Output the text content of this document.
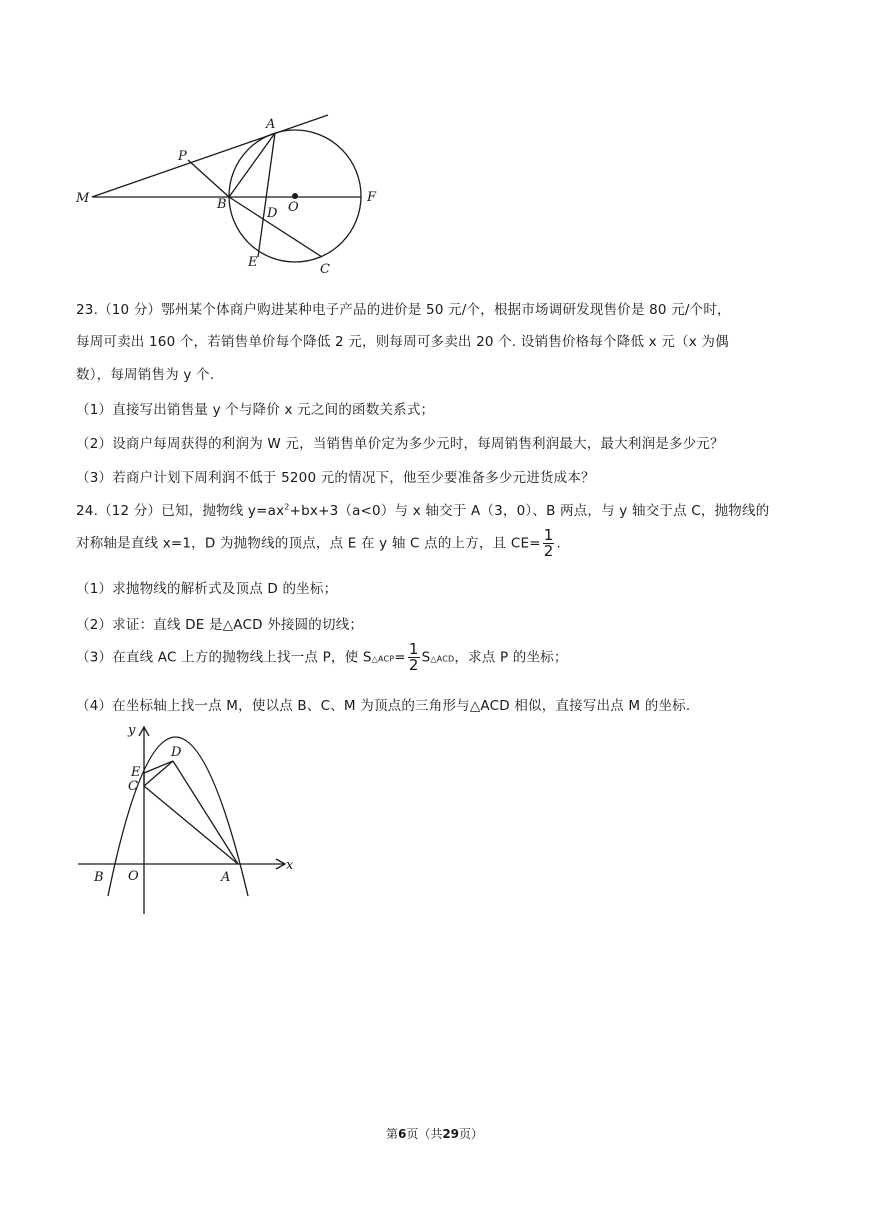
A
P
M	B
D O
F
E	C
23.（10 分）鄂州某个体商户购进某种电子产品的进价是 50 元/个，根据市场调研发现售价是 80 元/个时，
每周可卖出 160 个，若销售单价每个降低 2 元，则每周可多卖出 20 个. 设销售价格每个降低 x 元（x 为偶
数），每周销售为 y 个.
（1）直接写出销售量 y 个与降价 x 元之间的函数关系式；
（2）设商户每周获得的利润为 W 元，当销售单价定为多少元时，每周销售利润最大，最大利润是多少元？
（3）若商户计划下周利润不低于 5200 元的情况下，他至少要准备多少元进货成本？
24.（12 分）已知，抛物线 $y=ax^2+bx+3(a<0)$与 x 轴交于 A（3，0）、B 两点，与 y 轴交于点 C，抛物线的
对称轴是直线 x=1，D 为抛物线的顶点，点 E 在 y 轴 C 点的上方，且 $CE= \frac{1}{2}$ .
（1）求抛物线的解析式及顶点 D 的坐标；
（2）求证：直线 DE 是△ACD 外接圆的切线；
（3）在直线 AC 上方的抛物线上找一点 P，使 S△ACP= $\frac{1}{2}$ S△ACD，求点 P 的坐标；
（4）在坐标轴上找一点 M，使以点 B、C、M 为顶点的三角形与△ACD 相似，直接写出点 M 的坐标.
y
x
D
E
C
B O	A
第6页（共29页）
